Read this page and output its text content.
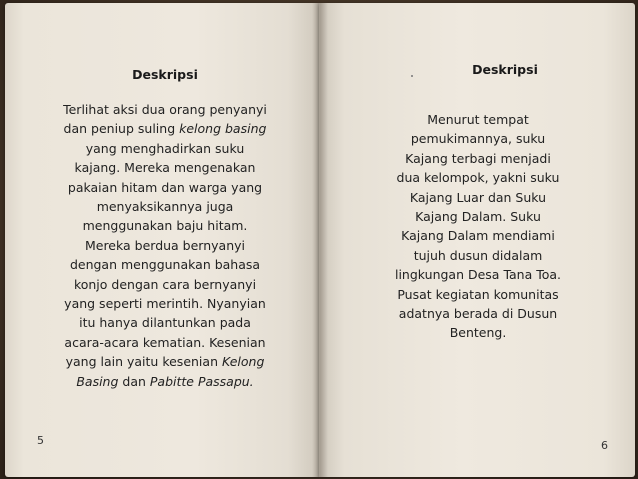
Deskripsi

Terlihat aksi dua orang penyanyi
dan peniup suling kelong basing
yang menghadirkan suku
kajang. Mereka mengenakan
pakaian hitam dan warga yang
menyaksikannya juga
menggunakan baju hitam.
Mereka berdua bernyanyi
dengan menggunakan bahasa
konjo dengan cara bernyanyi
yang seperti merintih. Nyanyian
itu hanya dilantunkan pada
acara-acara kematian. Kesenian
yang lain yaitu kesenian Kelong
Basing dan Pabitte Passapu.

5
Deskripsi

Menurut tempat
pemukimannya, suku
Kajang terbagi menjadi
dua kelompok, yakni suku
Kajang Luar dan Suku
Kajang Dalam. Suku
Kajang Dalam mendiami
tujuh dusun didalam
lingkungan Desa Tana Toa.
Pusat kegiatan komunitas
adatnya berada di Dusun
Benteng.

6
